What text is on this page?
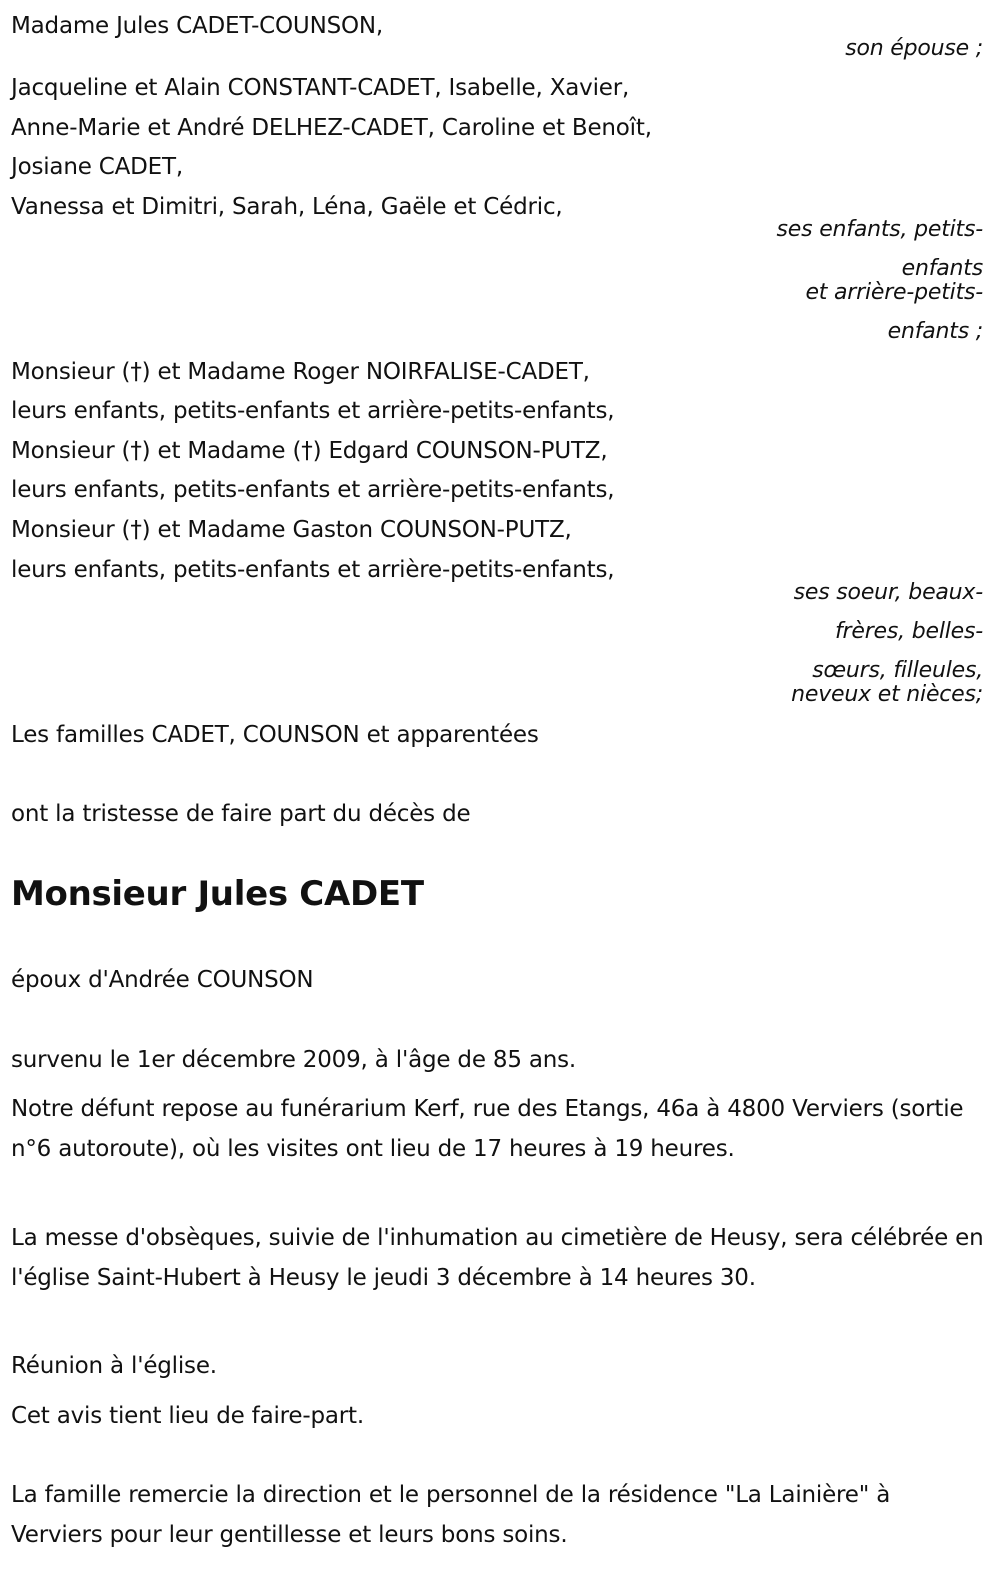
Madame Jules CADET-COUNSON,
son épouse ;
Jacqueline et Alain CONSTANT-CADET, Isabelle, Xavier,
Anne-Marie et André DELHEZ-CADET, Caroline et Benoît,
Josiane CADET,
Vanessa et Dimitri, Sarah, Léna, Gaële et Cédric,
ses enfants, petits-
enfants
et arrière-petits-
enfants ;
Monsieur (†) et Madame Roger NOIRFALISE-CADET,
leurs enfants, petits-enfants et arrière-petits-enfants,
Monsieur (†) et Madame (†) Edgard COUNSON-PUTZ,
leurs enfants, petits-enfants et arrière-petits-enfants,
Monsieur (†) et Madame Gaston COUNSON-PUTZ,
leurs enfants, petits-enfants et arrière-petits-enfants,
ses soeur, beaux-
frères, belles-
sœurs, filleules,
neveux et nièces;
Les familles CADET, COUNSON et apparentées
ont la tristesse de faire part du décès de
Monsieur Jules CADET
époux d'Andrée COUNSON
survenu le 1er décembre 2009, à l'âge de 85 ans.
Notre défunt repose au funérarium Kerf, rue des Etangs, 46a à 4800 Verviers (sortie n°6 autoroute), où les visites ont lieu de 17 heures à 19 heures.
La messe d'obsèques, suivie de l'inhumation au cimetière de Heusy, sera célébrée en l'église Saint-Hubert à Heusy le jeudi 3 décembre à 14 heures 30.
Réunion à l'église.
Cet avis tient lieu de faire-part.
La famille remercie la direction et le personnel de la résidence "La Lainière" à Verviers pour leur gentillesse et leurs bons soins.
